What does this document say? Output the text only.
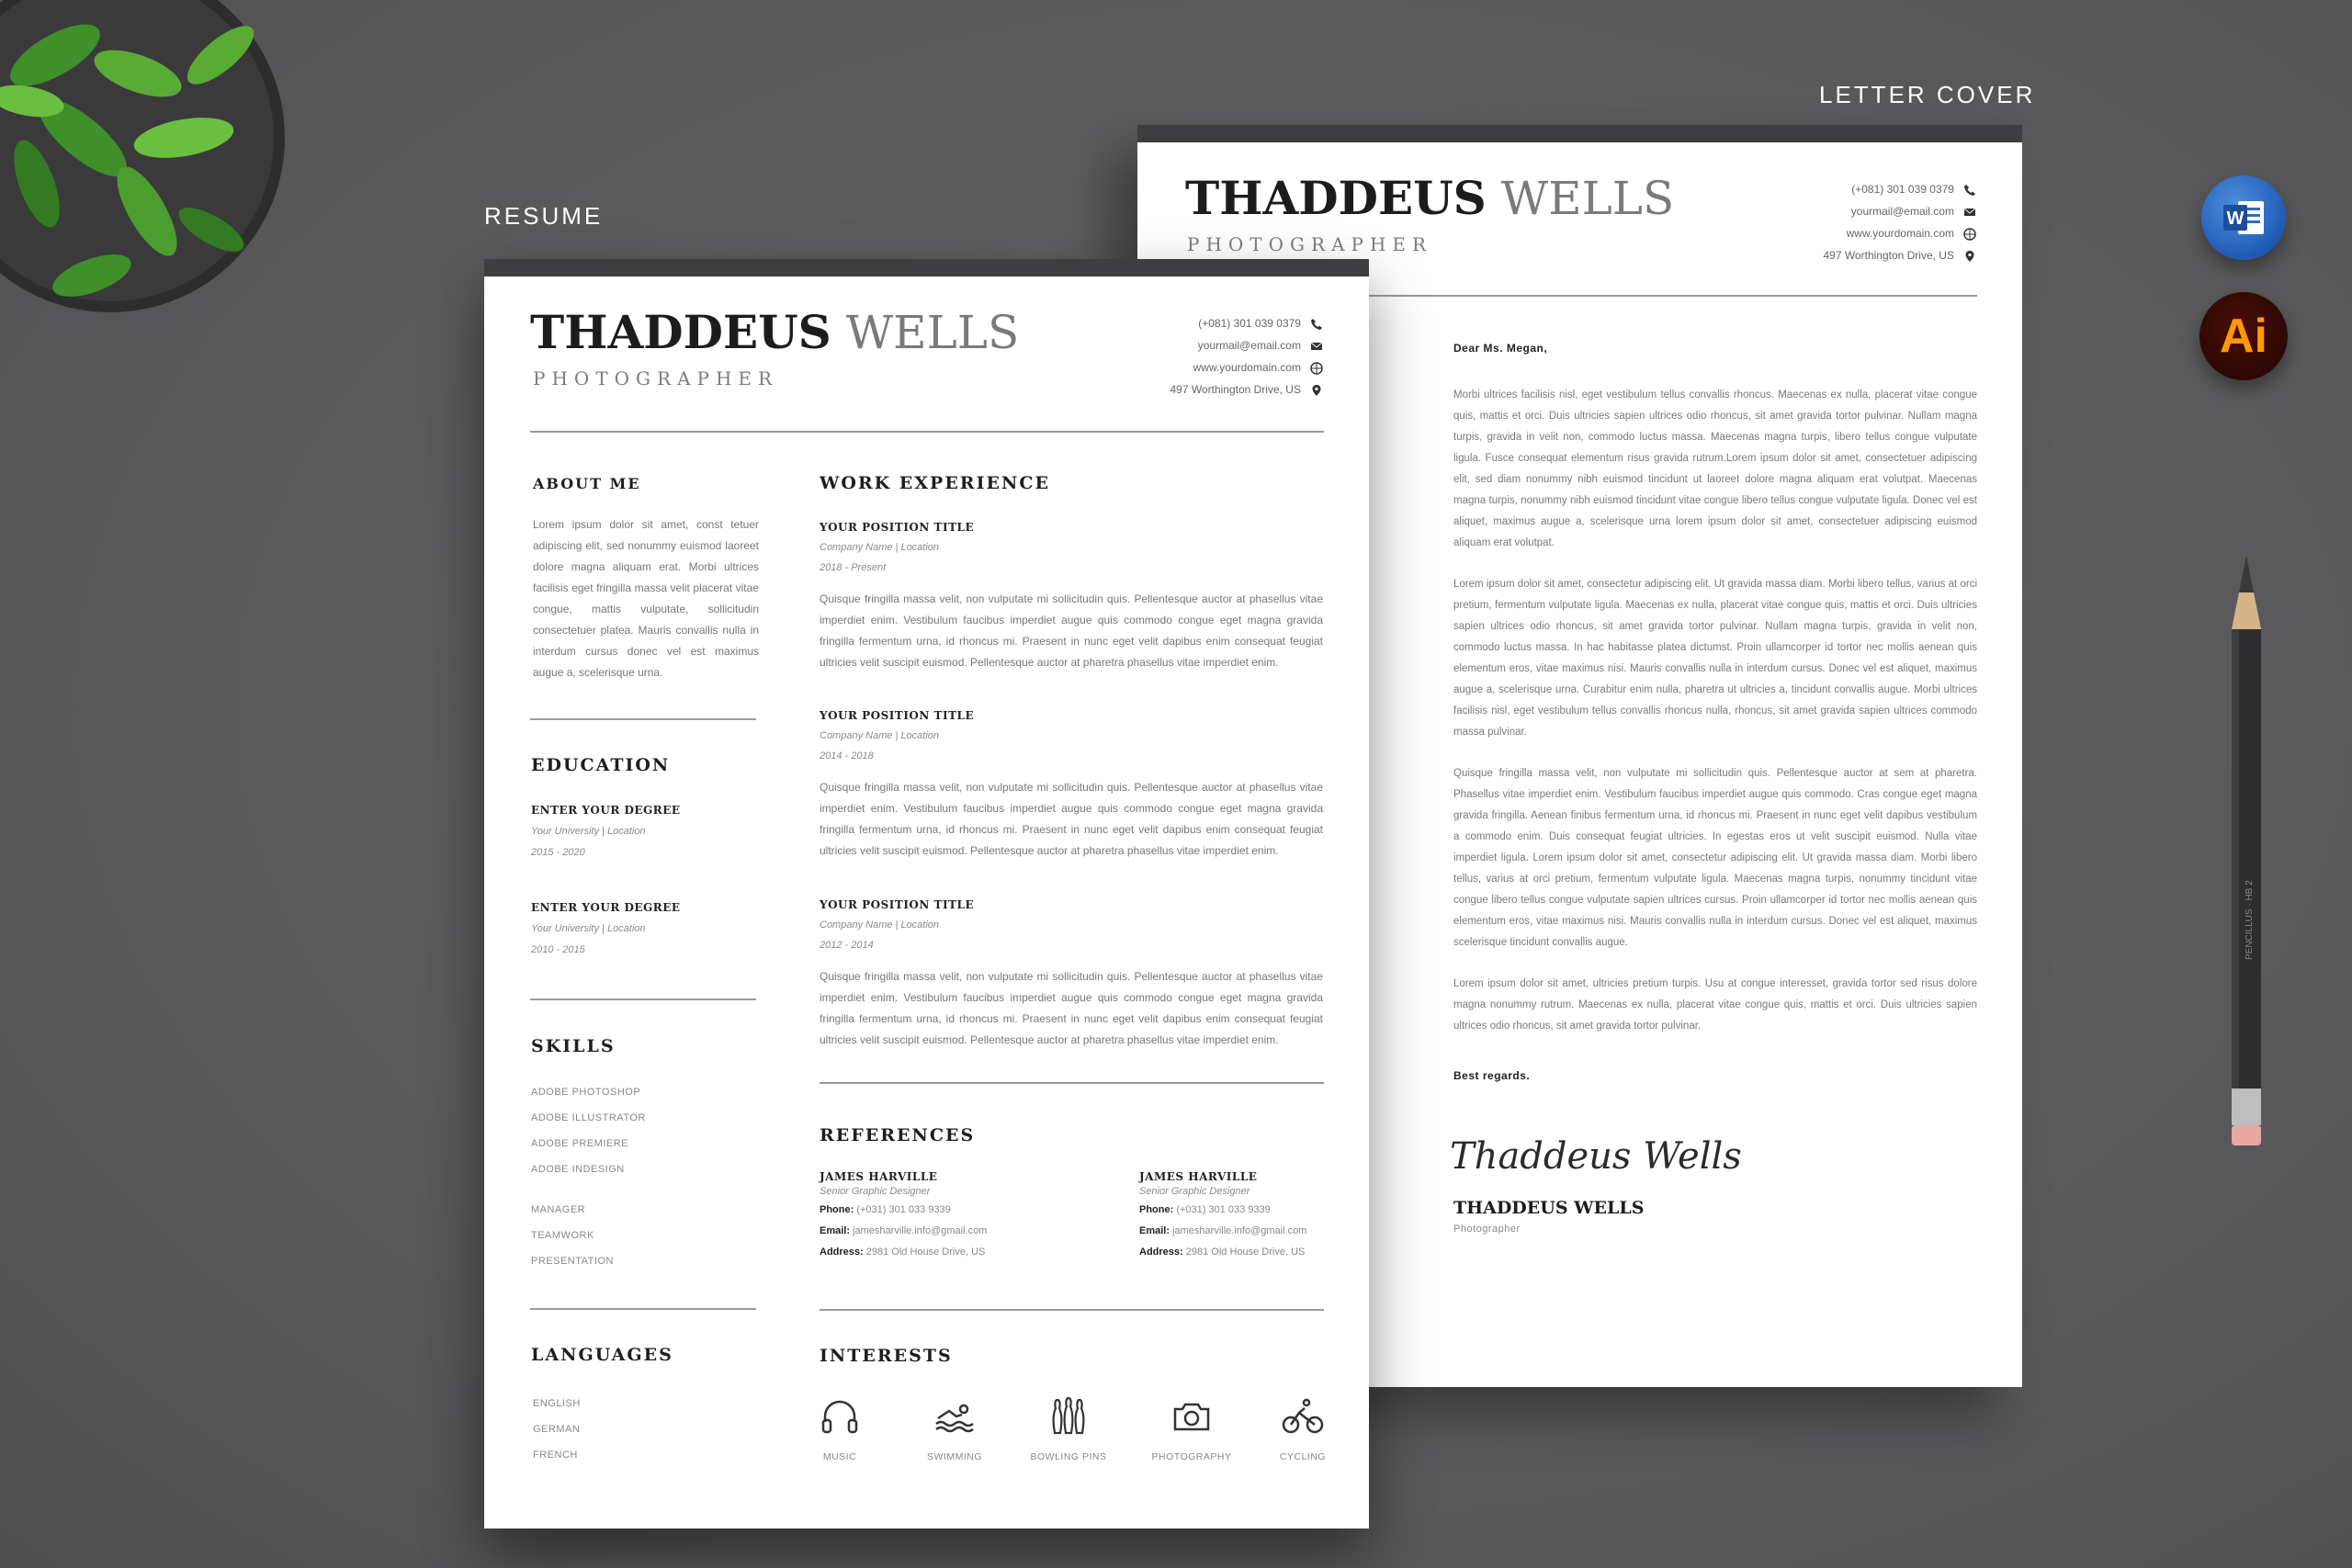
RESUME
LETTER COVER
W
Ai
PENCILLUS · HB 2
THADDEUS WELLS
PHOTOGRAPHER
(+081) 301 039 0379
yourmail@email.com
www.yourdomain.com
497 Worthington Drive, US
Dear Ms. Megan,
Morbi ultrices facilisis nisl, eget vestibulum tellus convallis rhoncus. Maecenas ex nulla, placerat vitae congue quis, mattis et orci. Duis ultricies sapien ultrices odio rhoncus, sit amet gravida tortor pulvinar. Nullam magna turpis, gravida in velit non, commodo luctus massa. Maecenas magna turpis, libero tellus congue vulputate ligula. Fusce consequat elementum risus gravida rutrum.Lorem ipsum dolor sit amet, consectetuer adipiscing elit, sed diam nonummy nibh euismod tincidunt ut laoreet dolore magna aliquam erat volutpat. Maecenas magna turpis, nonummy nibh euismod tincidunt vitae congue libero tellus congue vulputate ligula. Donec vel est aliquet, maximus augue a, scelerisque urna lorem ipsum dolor sit amet, consectetuer adipiscing euismod aliquam erat volutpat.
Lorem ipsum dolor sit amet, consectetur adipiscing elit. Ut gravida massa diam. Morbi libero tellus, varius at orci pretium, fermentum vulputate ligula. Maecenas ex nulla, placerat vitae congue quis, mattis et orci. Duis ultricies sapien ultrices odio rhoncus, sit amet gravida tortor pulvinar. Nullam magna turpis, gravida in velit non, commodo luctus massa. In hac habitasse platea dictumst. Proin ullamcorper id tortor nec mollis aenean quis elementum eros, vitae maximus nisi. Mauris convallis nulla in interdum cursus. Donec vel est aliquet, maximus augue a, scelerisque urna. Curabitur enim nulla, pharetra ut ultricies a, tincidunt convallis augue. Morbi ultrices facilisis nisl, eget vestibulum tellus convallis rhoncus nulla, rhoncus, sit amet gravida sapien ultrices commodo massa pulvinar.
Quisque fringilla massa velit, non vulputate mi sollicitudin quis. Pellentesque auctor at sem at pharetra. Phasellus vitae imperdiet enim. Vestibulum faucibus imperdiet augue quis commodo. Cras congue eget magna gravida fringilla. Aenean finibus fermentum urna, id rhoncus mi. Praesent in nunc eget velit dapibus vestibulum a commodo enim. Duis consequat feugiat ultricies. In egestas eros ut velit suscipit euismod. Nulla vitae imperdiet ligula. Lorem ipsum dolor sit amet, consectetur adipiscing elit. Ut gravida massa diam. Morbi libero tellus, varius at orci pretium, fermentum vulputate ligula. Maecenas magna turpis, nonummy tincidunt vitae congue libero tellus congue vulputate sapien ultrices cursus. Proin ullamcorper id tortor nec mollis aenean quis elementum eros, vitae maximus nisi. Mauris convallis nulla in interdum cursus. Donec vel est aliquet, maximus scelerisque tincidunt convallis augue.
Lorem ipsum dolor sit amet, ultricies pretium turpis. Usu at congue interesset, gravida tortor sed risus dolore magna nonummy rutrum. Maecenas ex nulla, placerat vitae congue quis, mattis et orci. Duis ultricies sapien ultrices odio rhoncus, sit amet gravida tortor pulvinar.
Best regards.
Thaddeus Wells
THADDEUS WELLS
Photographer
THADDEUS WELLS
PHOTOGRAPHER
(+081) 301 039 0379
yourmail@email.com
www.yourdomain.com
497 Worthington Drive, US
ABOUT ME
Lorem ipsum dolor sit amet, const tetuer adipiscing elit, sed nonummy euismod laoreet dolore magna aliquam erat. Morbi ultrices facilisis eget fringilla massa velit placerat vitae congue, mattis vulputate, sollicitudin consectetuer platea. Mauris convallis nulla in interdum cursus donec vel est maximus augue a, scelerisque urna.
EDUCATION
ENTER YOUR DEGREE
Your University | Location
2015 - 2020
ENTER YOUR DEGREE
Your University | Location
2010 - 2015
SKILLS
ADOBE PHOTOSHOP
ADOBE ILLUSTRATOR
ADOBE PREMIERE
ADOBE INDESIGN
MANAGER
TEAMWORK
PRESENTATION
LANGUAGES
ENGLISH
GERMAN
FRENCH
WORK EXPERIENCE
YOUR POSITION TITLE
Company Name | Location
2018 - Present
Quisque fringilla massa velit, non vulputate mi sollicitudin quis. Pellentesque auctor at phasellus vitae imperdiet enim. Vestibulum faucibus imperdiet augue quis commodo congue eget magna gravida fringilla fermentum urna, id rhoncus mi. Praesent in nunc eget velit dapibus enim consequat feugiat ultricies velit suscipit euismod. Pellentesque auctor at pharetra phasellus vitae imperdiet enim.
YOUR POSITION TITLE
Company Name | Location
2014 - 2018
Quisque fringilla massa velit, non vulputate mi sollicitudin quis. Pellentesque auctor at phasellus vitae imperdiet enim. Vestibulum faucibus imperdiet augue quis commodo congue eget magna gravida fringilla fermentum urna, id rhoncus mi. Praesent in nunc eget velit dapibus enim consequat feugiat ultricies velit suscipit euismod. Pellentesque auctor at pharetra phasellus vitae imperdiet enim.
YOUR POSITION TITLE
Company Name | Location
2012 - 2014
Quisque fringilla massa velit, non vulputate mi sollicitudin quis. Pellentesque auctor at phasellus vitae imperdiet enim. Vestibulum faucibus imperdiet augue quis commodo congue eget magna gravida fringilla fermentum urna, id rhoncus mi. Praesent in nunc eget velit dapibus enim consequat feugiat ultricies velit suscipit euismod. Pellentesque auctor at pharetra phasellus vitae imperdiet enim.
REFERENCES
JAMES HARVILLE
Senior Graphic Designer
Phone: (+031) 301 033 9339
Email: jamesharville.info@gmail.com
Address: 2981 Old House Drive, US
JAMES HARVILLE
Senior Graphic Designer
Phone: (+031) 301 033 9339
Email: jamesharville.info@gmail.com
Address: 2981 Old House Drive, US
INTERESTS
MUSIC	SWIMMING	BOWLING PINS	PHOTOGRAPHY	CYCLING
